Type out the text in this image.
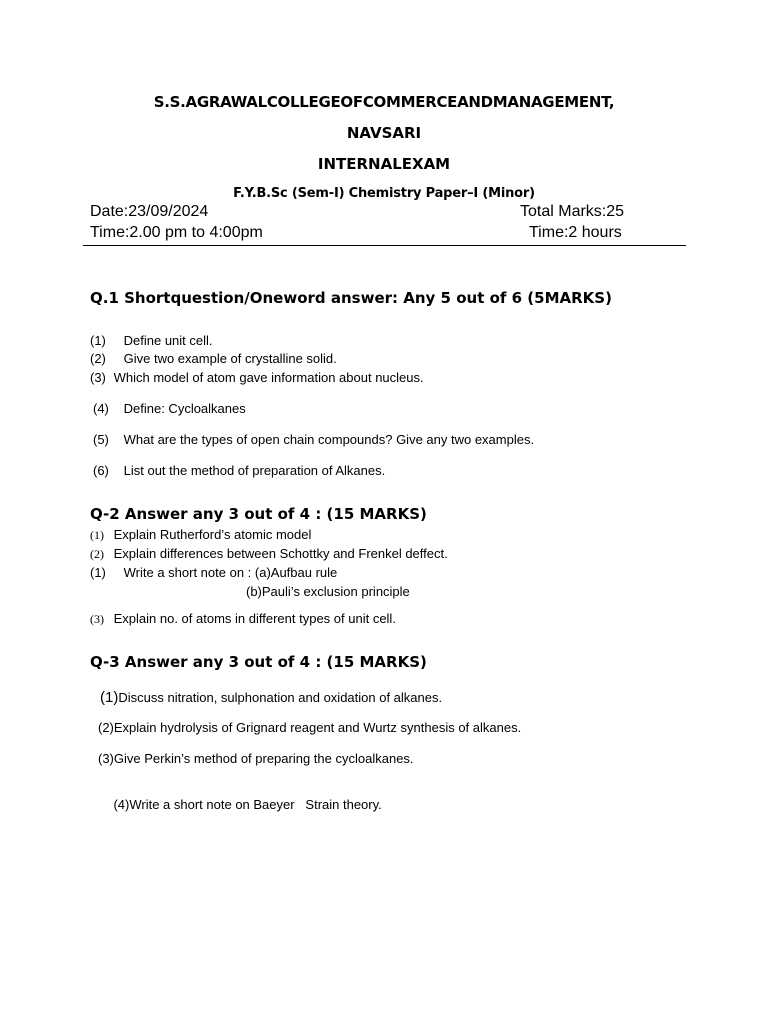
S.S.AGRAWALCOLLEGEOFCOMMERCEANDMANAGEMENT,
NAVSARI
INTERNALEXAM
F.Y.B.Sc (Sem-I) Chemistry Paper–I (Minor)
Date:23/09/2024
Time:2.00 pm to 4:00pm
Total Marks:25
Time:2 hours
Q.1 Shortquestion/Oneword answer: Any 5 out of 6 (5MARKS)
(1) Define unit cell.
(2) Give two example of crystalline solid.
(3) Which model of atom gave information about nucleus.
(4) Define: Cycloalkanes
(5) What are the types of open chain compounds? Give any two examples.
(6) List out the method of preparation of Alkanes.
Q-2 Answer any 3 out of 4 : (15 MARKS)
(1) Explain Rutherford’s atomic model
(2) Explain differences between Schottky and Frenkel deffect.
(1) Write a short note on : (a)Aufbau rule
(b)Pauli’s exclusion principle
(3) Explain no. of atoms in different types of unit cell.
Q-3 Answer any 3 out of 4 : (15 MARKS)
(1)Discuss nitration, sulphonation and oxidation of alkanes.
(2)Explain hydrolysis of Grignard reagent and Wurtz synthesis of alkanes.
(3)Give Perkin’s method of preparing the cycloalkanes.

(4)Write a short note on Baeyer   Strain theory.
